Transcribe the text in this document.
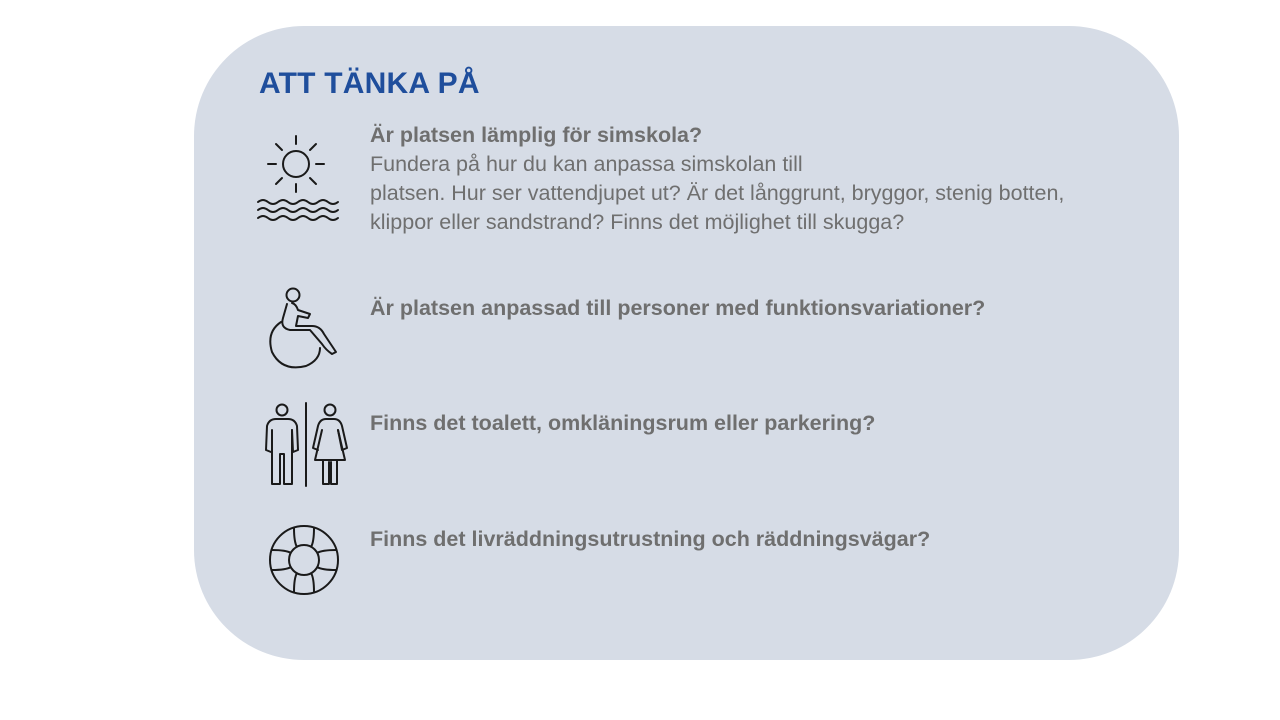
ATT TÄNKA PÅ
Är platsen lämplig för simskola?
Fundera på hur du kan anpassa simskolan till
platsen. Hur ser vattendjupet ut? Är det långgrunt, bryggor, stenig botten,
klippor eller sandstrand? Finns det möjlighet till skugga?
Är platsen anpassad till personer med funktionsvariationer?
Finns det toalett, omkläningsrum eller parkering?
Finns det livräddningsutrustning och räddningsvägar?
